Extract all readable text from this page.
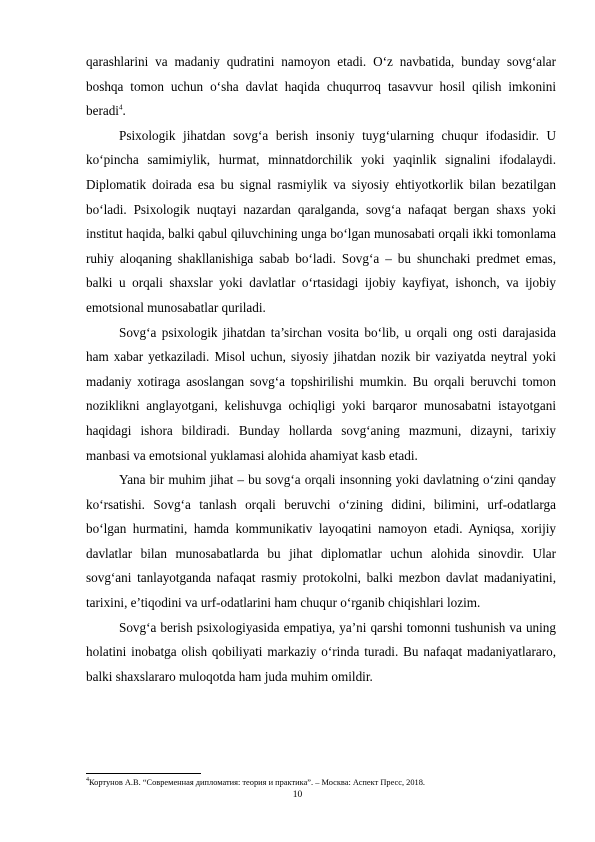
qarashlarini va madaniy qudratini namoyon etadi. O‘z navbatida, bunday sovg‘alar boshqa tomon uchun o‘sha davlat haqida chuqurroq tasavvur hosil qilish imkonini beradi$^4$.

Psixologik jihatdan sovg‘a berish insoniy tuyg‘ularning chuqur ifodasidir. U ko‘pincha samimiylik, hurmat, minnatdorchilik yoki yaqinlik signalini ifodalaydi. Diplomatik doirada esa bu signal rasmiylik va siyosiy ehtiyotkorlik bilan bezatilgan bo‘ladi. Psixologik nuqtayi nazardan qaralganda, sovg‘a nafaqat bergan shaxs yoki institut haqida, balki qabul qiluvchining unga bo‘lgan munosabati orqali ikki tomonlama ruhiy aloqaning shakllanishiga sabab bo‘ladi. Sovg‘a – bu shunchaki predmet emas, balki u orqali shaxslar yoki davlatlar o‘rtasidagi ijobiy kayfiyat, ishonch, va ijobiy emotsional munosabatlar quriladi.

Sovg‘a psixologik jihatdan ta’sirchan vosita bo‘lib, u orqali ong osti darajasida ham xabar yetkaziladi. Misol uchun, siyosiy jihatdan nozik bir vaziyatda neytral yoki madaniy xotiraga asoslangan sovg‘a topshirilishi mumkin. Bu orqali beruvchi tomon noziklikni anglayotgani, kelishuvga ochiqligi yoki barqaror munosabatni istayotgani haqidagi ishora bildiradi. Bunday hollarda sovg‘aning mazmuni, dizayni, tarixiy manbasi va emotsional yuklamasi alohida ahamiyat kasb etadi.

Yana bir muhim jihat – bu sovg‘a orqali insonning yoki davlatning o‘zini qanday ko‘rsatishi. Sovg‘a tanlash orqali beruvchi o‘zining didini, bilimini, urf-odatlarga bo‘lgan hurmatini, hamda kommunikativ layoqatini namoyon etadi. Ayniqsa, xorijiy davlatlar bilan munosabatlarda bu jihat diplomatlar uchun alohida sinovdir. Ular sovg‘ani tanlayotganda nafaqat rasmiy protokolni, balki mezbon davlat madaniyatini, tarixini, e’tiqodini va urf-odatlarini ham chuqur o‘rganib chiqishlari lozim.

Sovg‘a berish psixologiyasida empatiya, ya’ni qarshi tomonni tushunish va uning holatini inobatga olish qobiliyati markaziy o‘rinda turadi. Bu nafaqat madaniyatlararo, balki shaxslararo muloqotda ham juda muhim omildir.

$^4$Кортунов А.В. “Современная дипломатия: теория и практика”. – Москва: Аспект Пресс, 2018.
10
